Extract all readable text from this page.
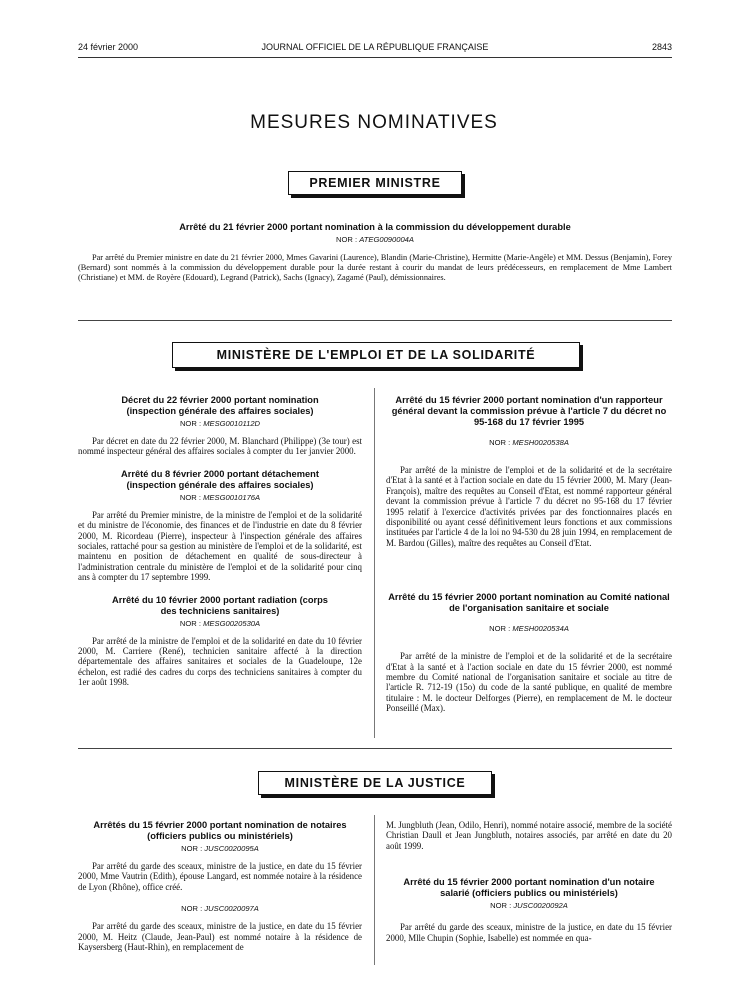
24 février 2000	JOURNAL OFFICIEL DE LA RÉPUBLIQUE FRANÇAISE	2843
MESURES NOMINATIVES
PREMIER MINISTRE
Arrêté du 21 février 2000 portant nomination à la commission du développement durable
NOR : ATEG0090004A
Par arrêté du Premier ministre en date du 21 février 2000, Mmes Gavarini (Laurence), Blandin (Marie-Christine), Hermitte (Marie-Angèle) et MM. Dessus (Benjamin), Forey (Bernard) sont nommés à la commission du développement durable pour la durée restant à courir du mandat de leurs prédécesseurs, en remplacement de Mme Lambert (Christiane) et MM. de Royère (Edouard), Legrand (Patrick), Sachs (Ignacy), Zagamé (Paul), démissionnaires.
MINISTÈRE DE L'EMPLOI ET DE LA SOLIDARITÉ
Décret du 22 février 2000 portant nomination (inspection générale des affaires sociales)
NOR : MESG0010112D
Par décret en date du 22 février 2000, M. Blanchard (Philippe) (3e tour) est nommé inspecteur général des affaires sociales à compter du 1er janvier 2000.
Arrêté du 8 février 2000 portant détachement (inspection générale des affaires sociales)
NOR : MESG0010176A
Par arrêté du Premier ministre, de la ministre de l'emploi et de la solidarité et du ministre de l'économie, des finances et de l'industrie en date du 8 février 2000, M. Ricordeau (Pierre), inspecteur à l'inspection générale des affaires sociales, rattaché pour sa gestion au ministère de l'emploi et de la solidarité, est maintenu en position de détachement en qualité de sous-directeur à l'administration centrale du ministère de l'emploi et de la solidarité pour cinq ans à compter du 17 septembre 1999.
Arrêté du 10 février 2000 portant radiation (corps des techniciens sanitaires)
NOR : MESG0020530A
Par arrêté de la ministre de l'emploi et de la solidarité en date du 10 février 2000, M. Carriere (René), technicien sanitaire affecté à la direction départementale des affaires sanitaires et sociales de la Guadeloupe, 12e échelon, est radié des cadres du corps des techniciens sanitaires à compter du 1er août 1998.
Arrêté du 15 février 2000 portant nomination d'un rapporteur général devant la commission prévue à l'article 7 du décret no 95-168 du 17 février 1995
NOR : MESH0020538A
Par arrêté de la ministre de l'emploi et de la solidarité et de la secrétaire d'Etat à la santé et à l'action sociale en date du 15 février 2000, M. Mary (Jean-François), maître des requêtes au Conseil d'Etat, est nommé rapporteur général devant la commission prévue à l'article 7 du décret no 95-168 du 17 février 1995 relatif à l'exercice d'activités privées par des fonctionnaires placés en disponibilité ou ayant cessé définitivement leurs fonctions et aux commissions instituées par l'article 4 de la loi no 94-530 du 28 juin 1994, en remplacement de M. Bardou (Gilles), maître des requêtes au Conseil d'Etat.
Arrêté du 15 février 2000 portant nomination au Comité national de l'organisation sanitaire et sociale
NOR : MESH0020534A
Par arrêté de la ministre de l'emploi et de la solidarité et de la secrétaire d'Etat à la santé et à l'action sociale en date du 15 février 2000, est nommé membre du Comité national de l'organisation sanitaire et sociale au titre de l'article R. 712-19 (15o) du code de la santé publique, en qualité de membre titulaire : M. le docteur Delforges (Pierre), en remplacement de M. le docteur Ponseillé (Max).
MINISTÈRE DE LA JUSTICE
Arrêtés du 15 février 2000 portant nomination de notaires (officiers publics ou ministériels)
NOR : JUSC0020095A
Par arrêté du garde des sceaux, ministre de la justice, en date du 15 février 2000, Mme Vautrin (Edith), épouse Langard, est nommée notaire à la résidence de Lyon (Rhône), office créé.
NOR : JUSC0020097A
Par arrêté du garde des sceaux, ministre de la justice, en date du 15 février 2000, M. Heitz (Claude, Jean-Paul) est nommé notaire à la résidence de Kaysersberg (Haut-Rhin), en remplacement de
M. Jungbluth (Jean, Odilo, Henri), nommé notaire associé, membre de la société Christian Daull et Jean Jungbluth, notaires associés, par arrêté en date du 20 août 1999.
Arrêté du 15 février 2000 portant nomination d'un notaire salarié (officiers publics ou ministériels)
NOR : JUSC0020092A
Par arrêté du garde des sceaux, ministre de la justice, en date du 15 février 2000, Mlle Chupin (Sophie, Isabelle) est nommée en qua-
